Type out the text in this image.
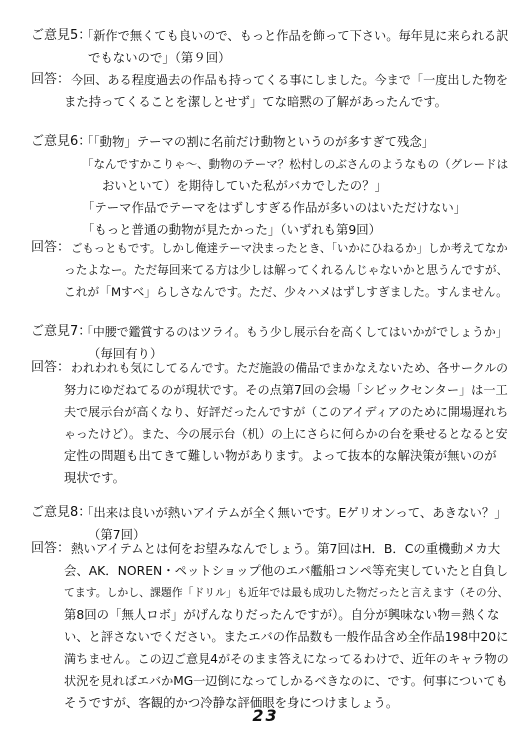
ご意見5：
「新作で無くても良いので、もっと作品を飾って下さい。毎年見に来られる訳
でもないので」（第９回）
回答： 今回、ある程度過去の作品も持ってくる事にしました。今まで「一度出した物を
また持ってくることを潔しとせず」てな暗黙の了解があったんです。
ご意見6：
「「動物」テーマの割に名前だけ動物というのが多すぎて残念」
「なんですかこりゃ～、動物のテーマ？松村しのぶさんのようなもの（グレードは
おいといて）を期待していた私がバカでしたの？」
「テーマ作品でテーマをはずしすぎる作品が多いのはいただけない」
「もっと普通の動物が見たかった」（いずれも第9回）
回答： ごもっともです。しかし俺達テーマ決まったとき、「いかにひねるか」しか考えてなか
ったよなー。ただ毎回来てる方は少しは解ってくれるんじゃないかと思うんですが、
これが「Mすべ」らしさなんです。ただ、少々ハメはずしすぎました。すんません。
ご意見7：
「中腰で鑑賞するのはツライ。もう少し展示台を高くしてはいかがでしょうか」
（毎回有り）
回答： われわれも気にしてるんです。ただ施設の備品でまかなえないため、各サークルの
努力にゆだねてるのが現状です。その点第7回の会場「シビックセンター」は一工
夫で展示台が高くなり、好評だったんですが（このアイディアのために開場遅れち
ゃったけど）。また、今の展示台（机）の上にさらに何らかの台を乗せるとなると安
定性の問題も出てきて難しい物があります。よって抜本的な解決策が無いのが
現状です。
ご意見8：
「出来は良いが熱いアイテムが全く無いです。Eゲリオンって、あきない？」
（第7回）
回答： 熱いアイテムとは何をお望みなんでしょう。第7回はH．B．Cの重機動メカ大
会、AK．NOREN・ペットショップ他のエバ艦船コンペ等充実していたと自負し
てます。しかし、課題作「ドリル」も近年では最も成功した物だったと言えます（その分、
第8回の「無人ロボ」がげんなりだったんですが）。自分が興味ない物＝熱くな
い、と評さないでください。またエバの作品数も一般作品含め全作品198中20に
満ちません。この辺ご意見4がそのまま答えになってるわけで、近年のキャラ物の
状況を見ればエバかMG一辺倒になってしかるべきなのに、です。何事についても
そうですが、客観的かつ冷静な評価眼を身につけましょう。
23
